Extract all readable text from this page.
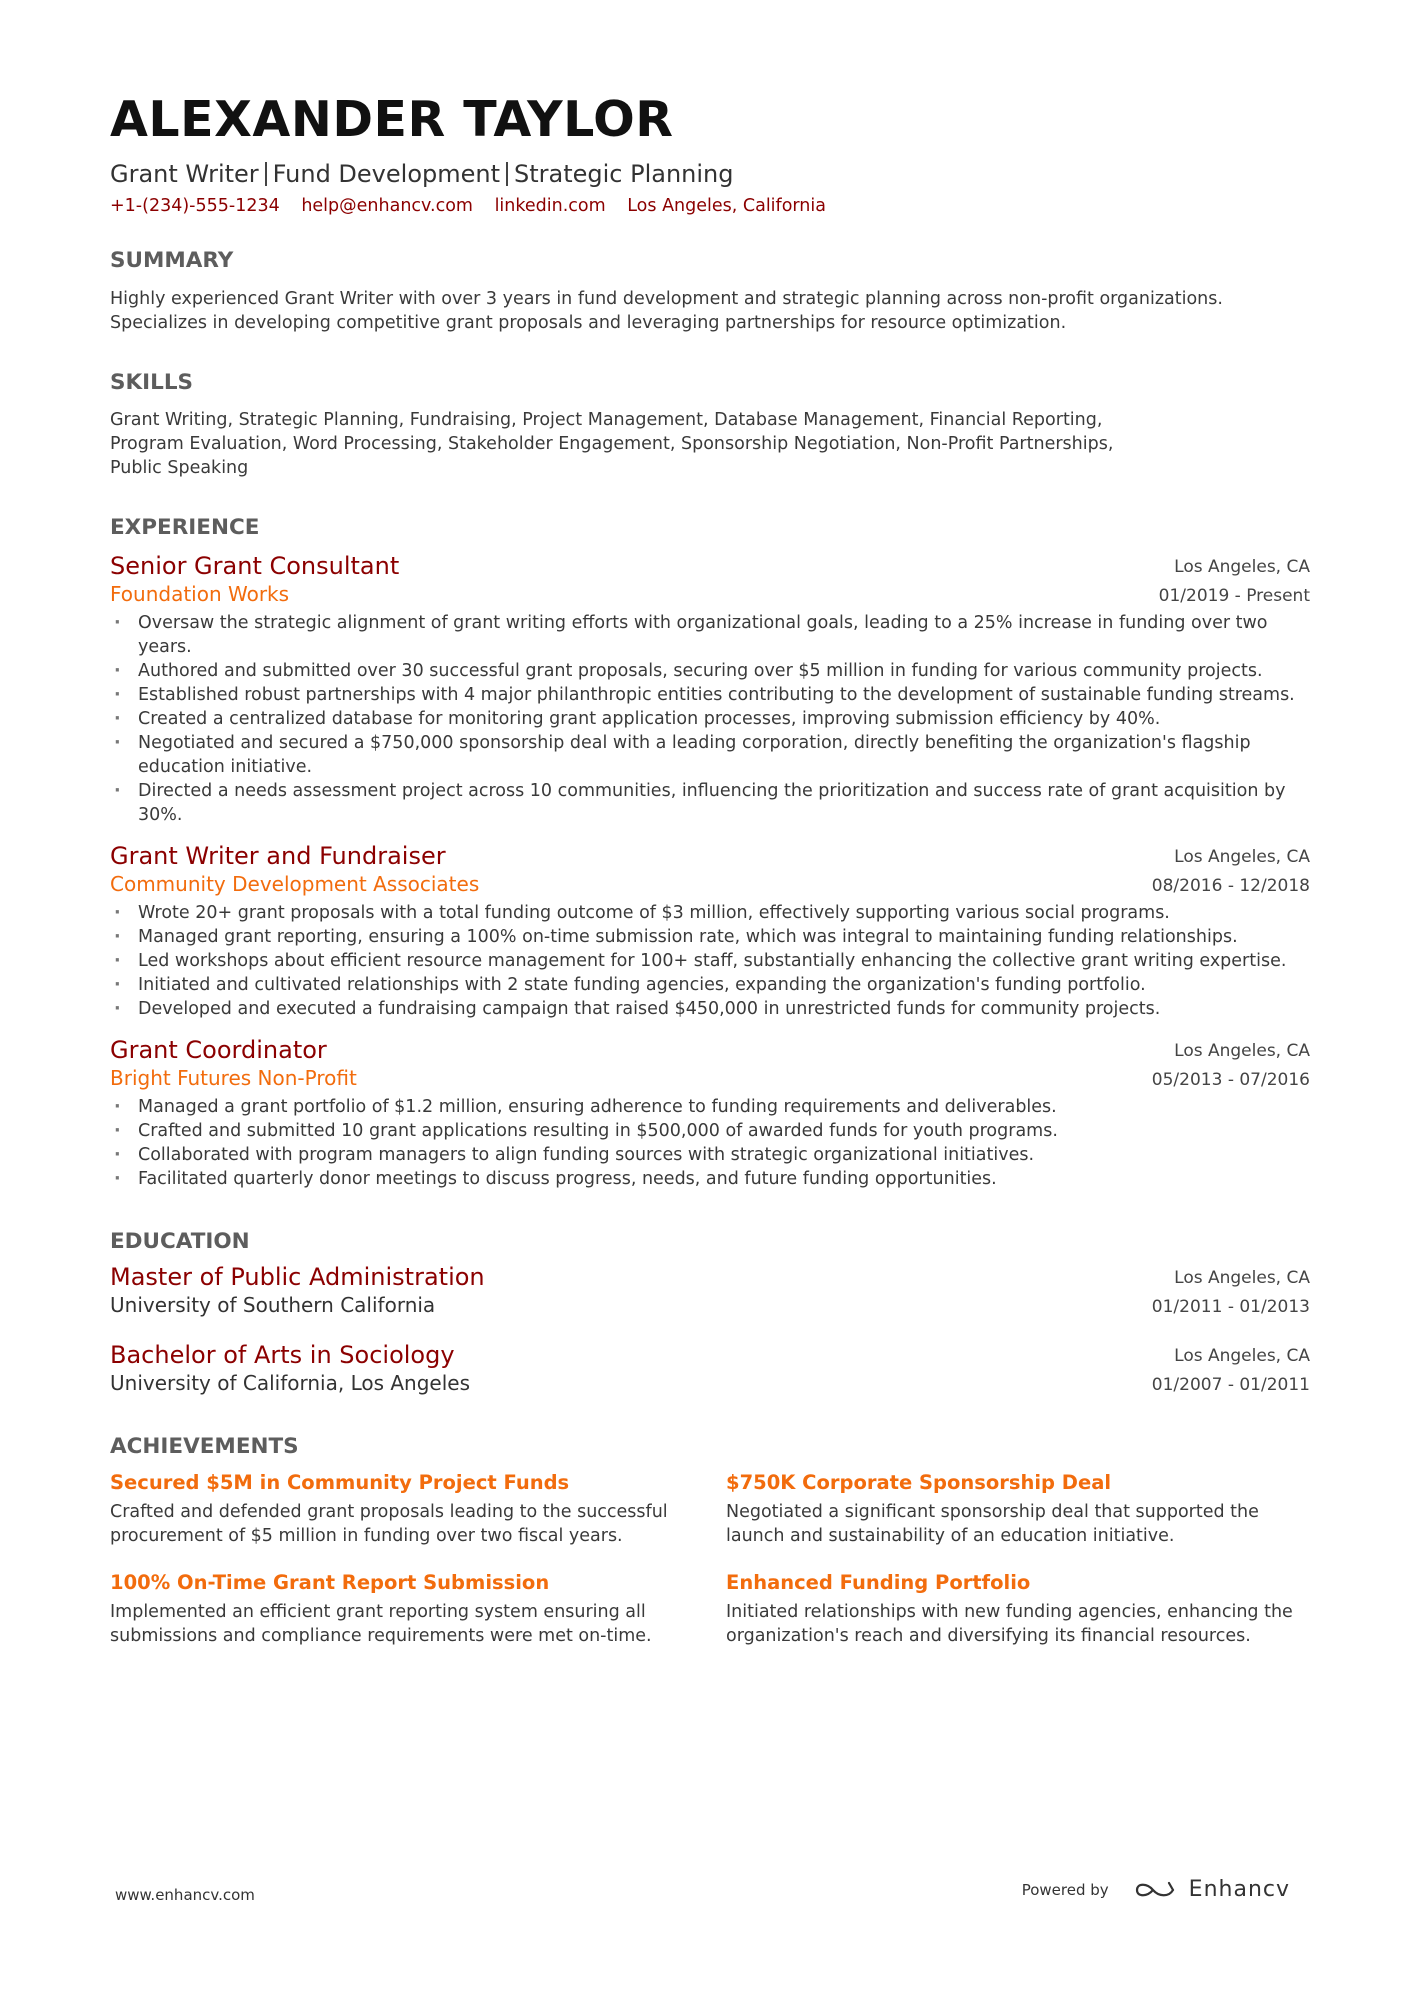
ALEXANDER TAYLOR
Grant Writer Fund Development Strategic Planning
+1-(234)-555-1234 help@enhancv.com linkedin.com Los Angeles, California
SUMMARY
Highly experienced Grant Writer with over 3 years in fund development and strategic planning across non-profit organizations. Specializes in developing competitive grant proposals and leveraging partnerships for resource optimization.
SKILLS
Grant Writing, Strategic Planning, Fundraising, Project Management, Database Management, Financial Reporting, Program Evaluation, Word Processing, Stakeholder Engagement, Sponsorship Negotiation, Non-Profit Partnerships, Public Speaking
EXPERIENCE
Senior Grant Consultant
Foundation Works
Los Angeles, CA
01/2019 - Present
· Oversaw the strategic alignment of grant writing efforts with organizational goals, leading to a 25% increase in funding over two years.
· Authored and submitted over 30 successful grant proposals, securing over $5 million in funding for various community projects.
· Established robust partnerships with 4 major philanthropic entities contributing to the development of sustainable funding streams.
· Created a centralized database for monitoring grant application processes, improving submission efficiency by 40%.
· Negotiated and secured a $750,000 sponsorship deal with a leading corporation, directly benefiting the organization's flagship education initiative.
· Directed a needs assessment project across 10 communities, influencing the prioritization and success rate of grant acquisition by 30%.
Grant Writer and Fundraiser
Community Development Associates
Los Angeles, CA
08/2016 - 12/2018
· Wrote 20+ grant proposals with a total funding outcome of $3 million, effectively supporting various social programs.
· Managed grant reporting, ensuring a 100% on-time submission rate, which was integral to maintaining funding relationships.
· Led workshops about efficient resource management for 100+ staff, substantially enhancing the collective grant writing expertise.
· Initiated and cultivated relationships with 2 state funding agencies, expanding the organization's funding portfolio.
· Developed and executed a fundraising campaign that raised $450,000 in unrestricted funds for community projects.
Grant Coordinator
Bright Futures Non-Profit
Los Angeles, CA
05/2013 - 07/2016
· Managed a grant portfolio of $1.2 million, ensuring adherence to funding requirements and deliverables.
· Crafted and submitted 10 grant applications resulting in $500,000 of awarded funds for youth programs.
· Collaborated with program managers to align funding sources with strategic organizational initiatives.
· Facilitated quarterly donor meetings to discuss progress, needs, and future funding opportunities.
EDUCATION
Master of Public Administration
University of Southern California
Los Angeles, CA
01/2011 - 01/2013
Bachelor of Arts in Sociology
University of California, Los Angeles
Los Angeles, CA
01/2007 - 01/2011
ACHIEVEMENTS
Secured $5M in Community Project Funds
Crafted and defended grant proposals leading to the successful procurement of $5 million in funding over two fiscal years.
$750K Corporate Sponsorship Deal
Negotiated a significant sponsorship deal that supported the launch and sustainability of an education initiative.
100% On-Time Grant Report Submission
Implemented an efficient grant reporting system ensuring all submissions and compliance requirements were met on-time.
Enhanced Funding Portfolio
Initiated relationships with new funding agencies, enhancing the organization's reach and diversifying its financial resources.
www.enhancv.com	Powered by	Enhancv
